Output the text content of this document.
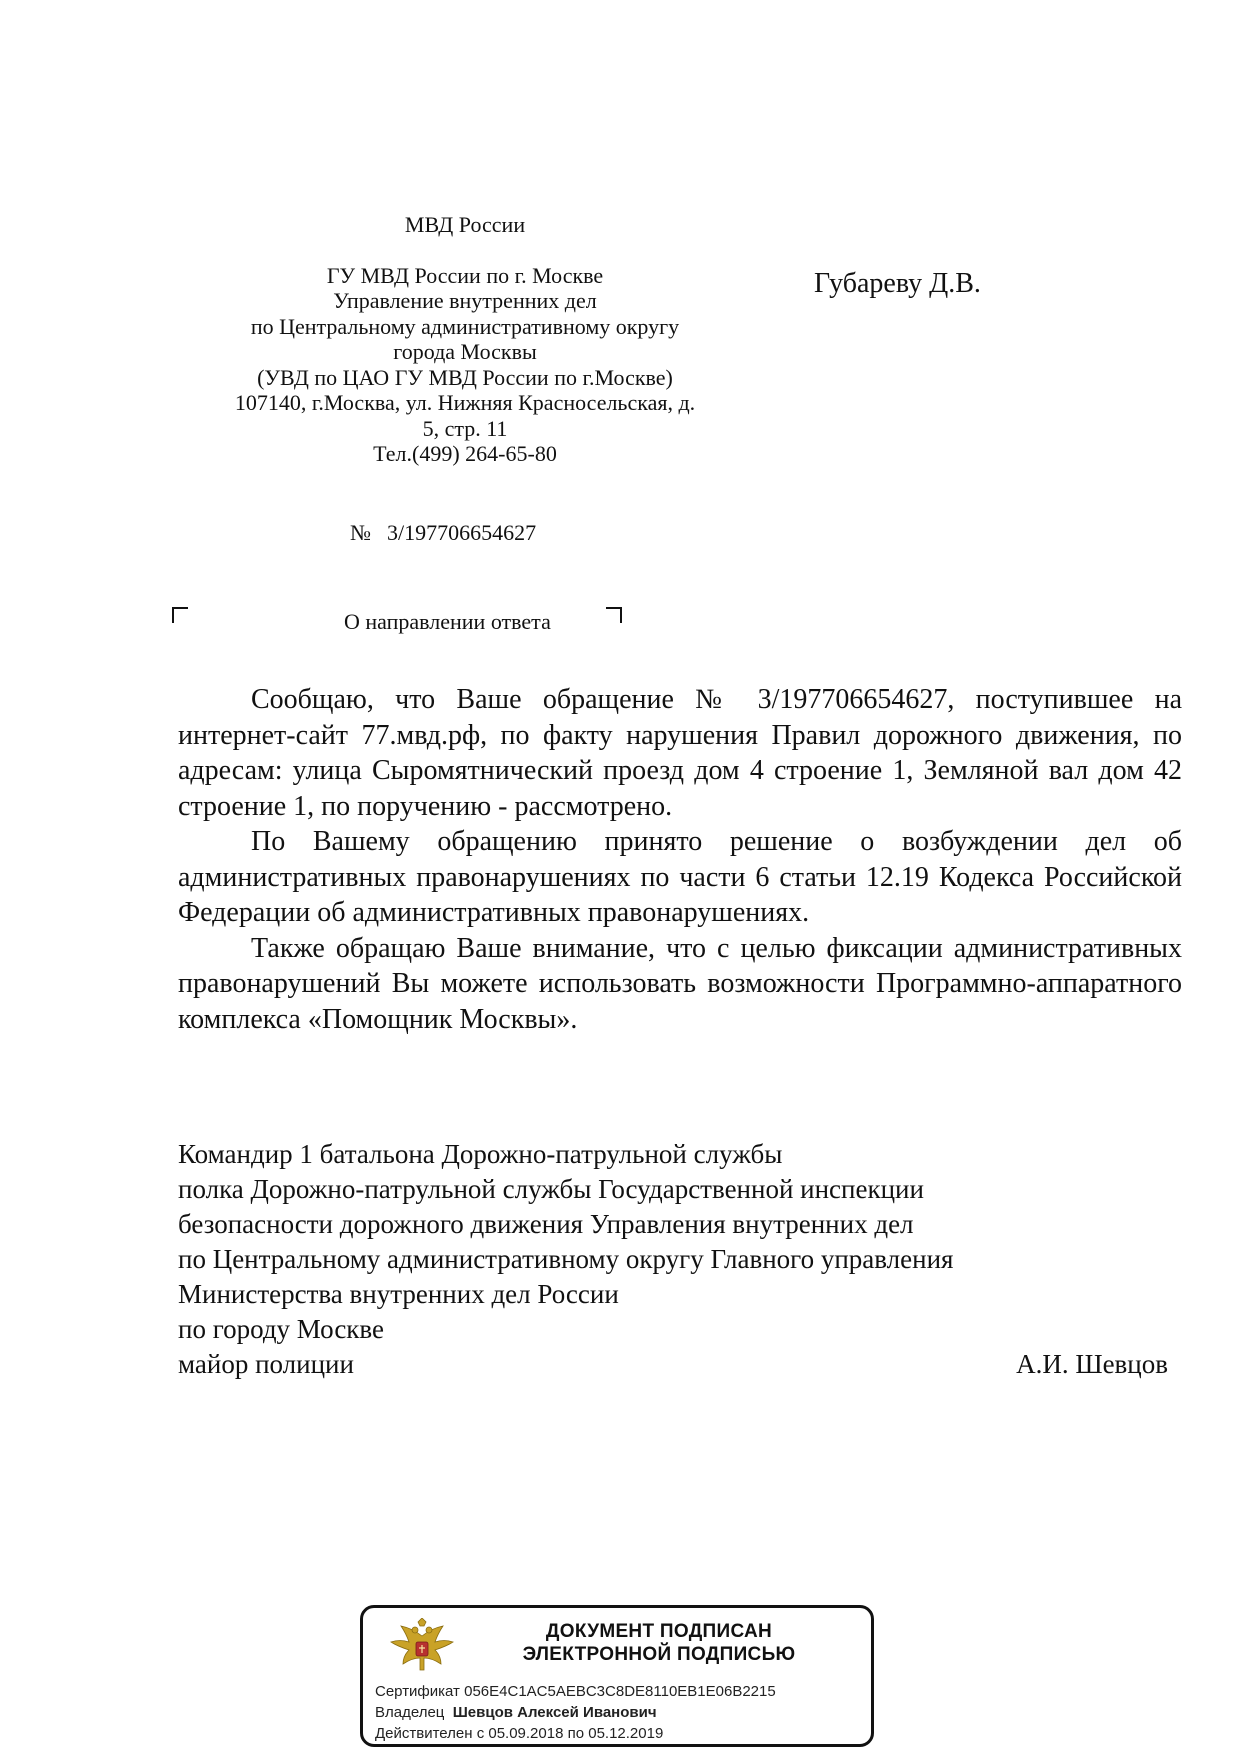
МВД России
ГУ МВД России по г. Москве
Управление внутренних дел
по Центральному административному округу
города Москвы
(УВД по ЦАО ГУ МВД России по г.Москве)
107140, г.Москва, ул. Нижняя Красносельская, д.
5, стр. 11
Тел.(499) 264-65-80
Губареву Д.В.
№ 3/197706654627
О направлении ответа

Сообщаю, что Ваше обращение № 3/197706654627, поступившее на интернет-сайт 77.мвд.рф, по факту нарушения Правил дорожного движения, по адресам: улица Сыромятнический проезд дом 4 строение 1, Земляной вал дом 42 строение 1, по поручению - рассмотрено.

По Вашему обращению принято решение о возбуждении дел об административных правонарушениях по части 6 статьи 12.19 Кодекса Российской Федерации об административных правонарушениях.

Также обращаю Ваше внимание, что с целью фиксации административных правонарушений Вы можете использовать возможности Программно-аппаратного комплекса «Помощник Москвы».

Командир 1 батальона Дорожно-патрульной службы
полка Дорожно-патрульной службы Государственной инспекции
безопасности дорожного движения Управления внутренних дел
по Центральному административному округу Главного управления
Министерства внутренних дел России
по городу Москве
майор полиции	А.И. Шевцов
ДОКУМЕНТ ПОДПИСАН
ЭЛЕКТРОННОЙ ПОДПИСЬЮ
Сертификат 056E4C1AC5AEBC3C8DE8110EB1E06B2215
Владелец Шевцов Алексей Иванович
Действителен с 05.09.2018 по 05.12.2019
